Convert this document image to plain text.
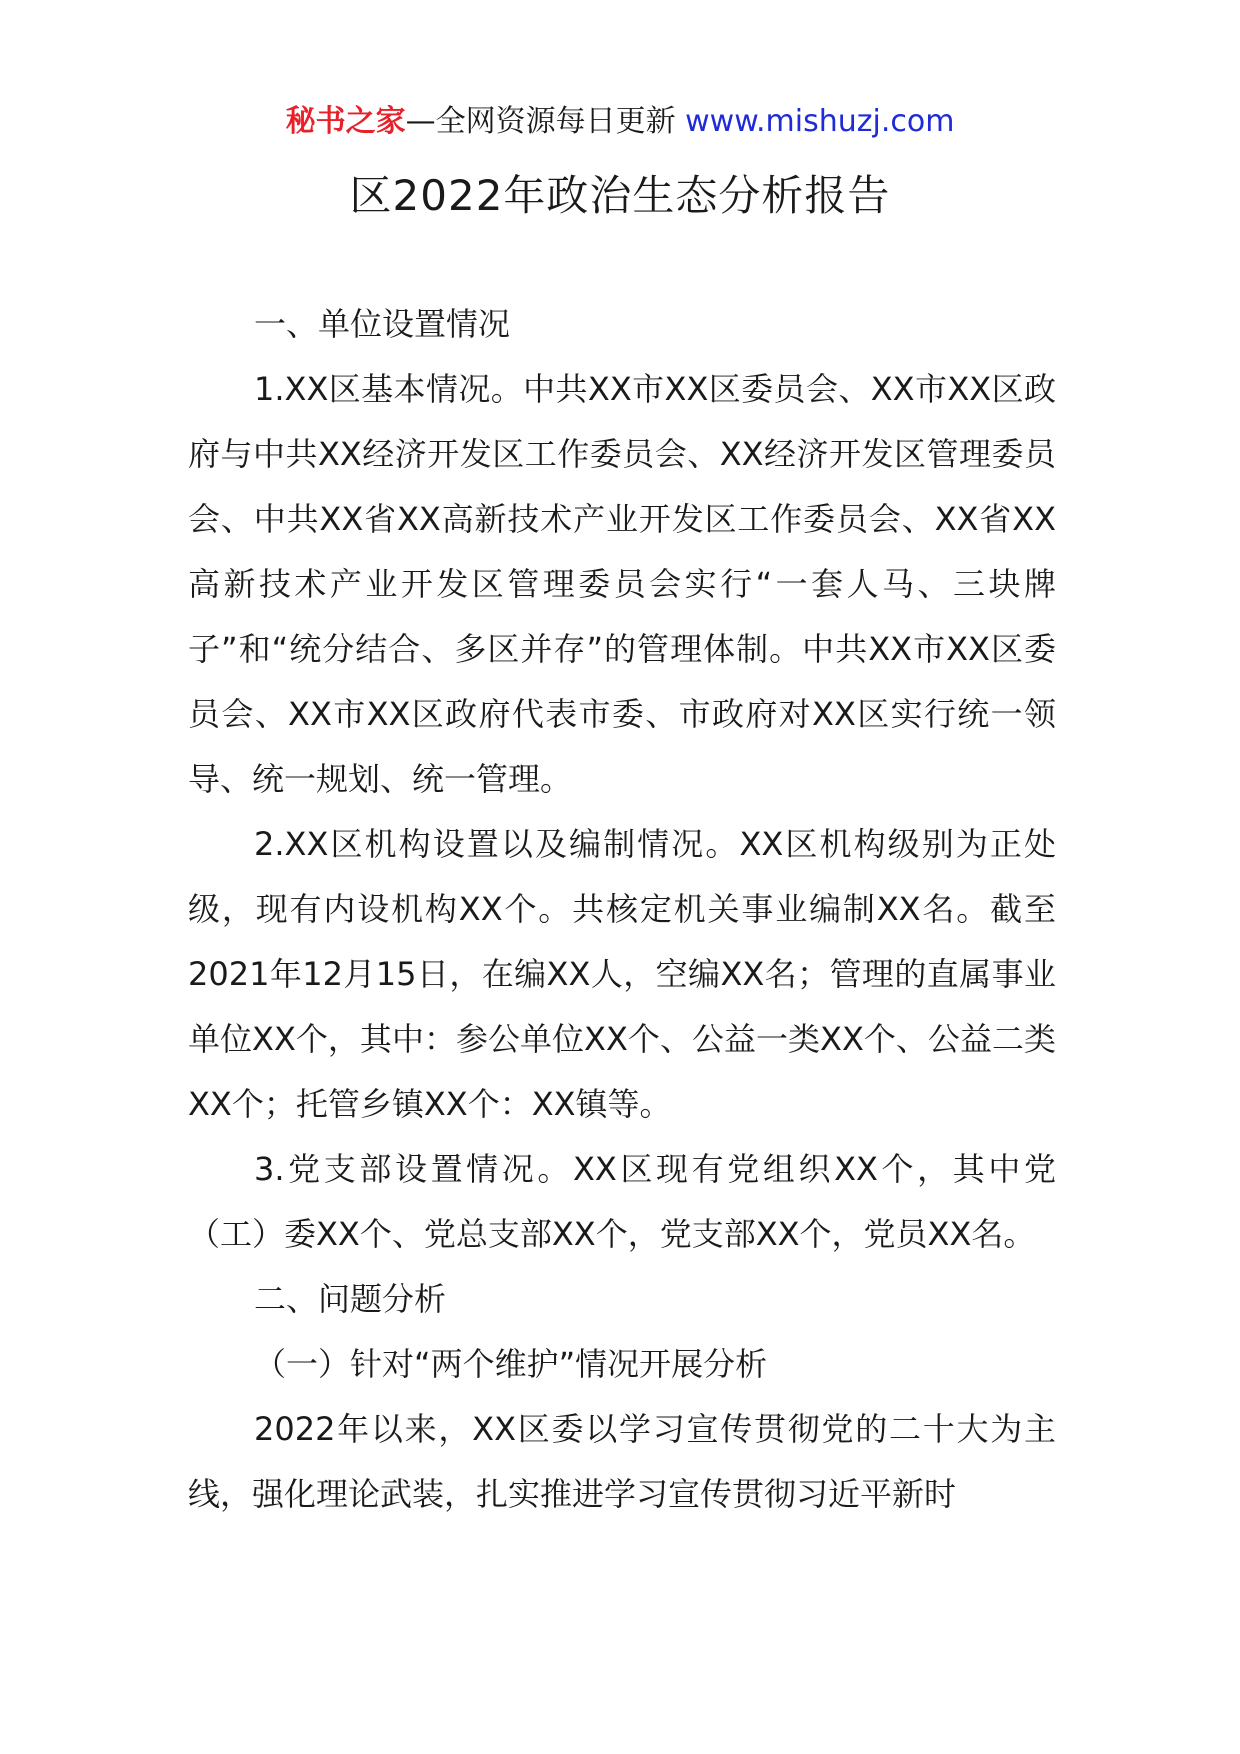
秘书之家—全网资源每日更新 www.mishuzj.com
区2022年政治生态分析报告

一、单位设置情况

1.XX区基本情况。中共XX市XX区委员会、XX市XX区政府与中共XX经济开发区工作委员会、XX经济开发区管理委员会、中共XX省XX高新技术产业开发区工作委员会、XX省XX高新技术产业开发区管理委员会实行“一套人马、三块牌子”和“统分结合、多区并存”的管理体制。中共XX市XX区委员会、XX市XX区政府代表市委、市政府对XX区实行统一领导、统一规划、统一管理。

2.XX区机构设置以及编制情况。XX区机构级别为正处级，现有内设机构XX个。共核定机关事业编制XX名。截至2021年12月15日，在编XX人，空编XX名；管理的直属事业单位XX个，其中：参公单位XX个、公益一类XX个、公益二类XX个；托管乡镇XX个：XX镇等。

3.党支部设置情况。XX区现有党组织XX个，其中党（工）委XX个、党总支部XX个，党支部XX个，党员XX名。

二、问题分析

（一）针对“两个维护”情况开展分析

2022年以来，XX区委以学习宣传贯彻党的二十大为主线，强化理论武装，扎实推进学习宣传贯彻习近平新时
